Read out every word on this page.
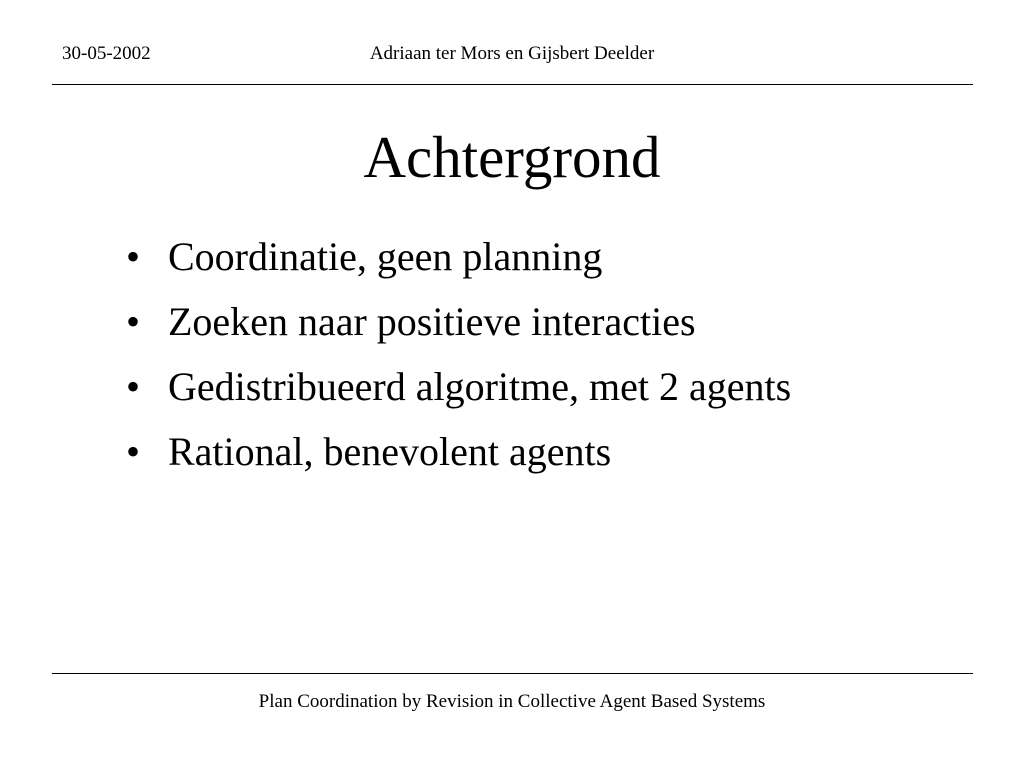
30-05-2002	Adriaan ter Mors en Gijsbert Deelder
Achtergrond
• Coordinatie, geen planning
• Zoeken naar positieve interacties
• Gedistribueerd algoritme, met 2 agents
• Rational, benevolent agents
Plan Coordination by Revision in Collective Agent Based Systems
